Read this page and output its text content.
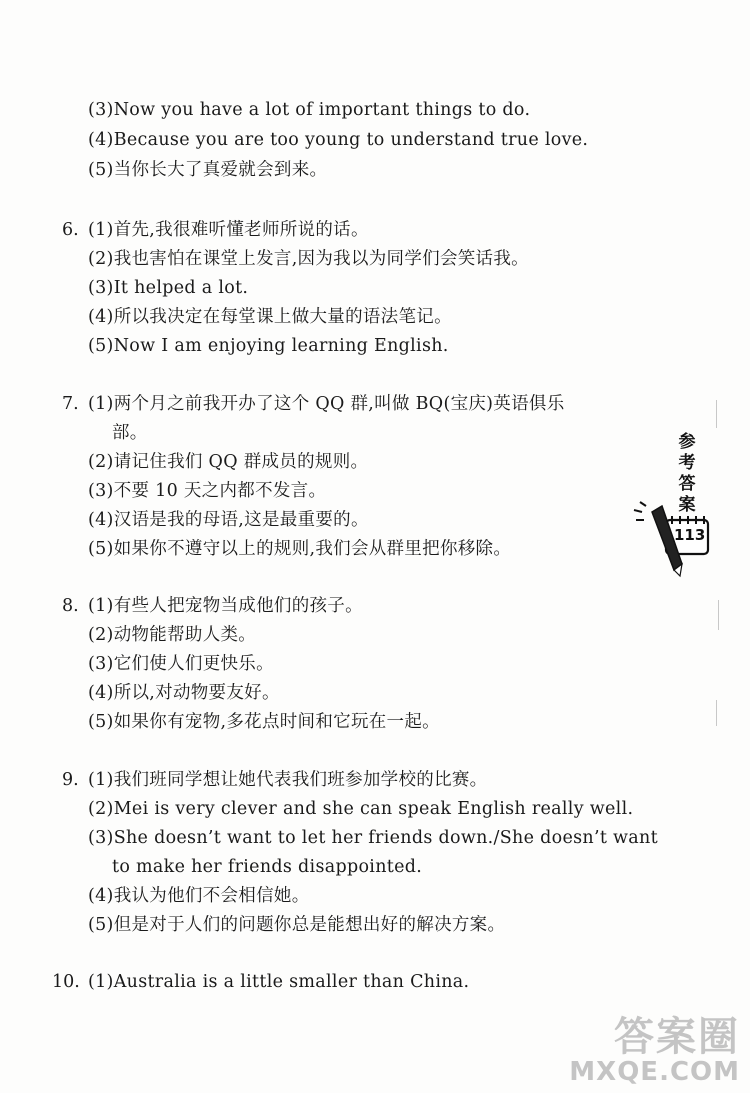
(3)Now you have a lot of important things to do.
(4)Because you are too young to understand true love.
(5)当你长大了真爱就会到来。
6. (1)首先,我很难听懂老师所说的话。
(2)我也害怕在课堂上发言,因为我以为同学们会笑话我。
(3)It helped a lot.
(4)所以我决定在每堂课上做大量的语法笔记。
(5)Now I am enjoying learning English.
7. (1)两个月之前我开办了这个 QQ 群,叫做 BQ(宝庆)英语俱乐
部。
(2)请记住我们 QQ 群成员的规则。
(3)不要 10 天之内都不发言。
(4)汉语是我的母语,这是最重要的。
(5)如果你不遵守以上的规则,我们会从群里把你移除。
8. (1)有些人把宠物当成他们的孩子。
(2)动物能帮助人类。
(3)它们使人们更快乐。
(4)所以,对动物要友好。
(5)如果你有宠物,多花点时间和它玩在一起。
9. (1)我们班同学想让她代表我们班参加学校的比赛。
(2)Mei is very clever and she can speak English really well.
(3)She doesn’t want to let her friends down./She doesn’t want
to make her friends disappointed.
(4)我认为他们不会相信她。
(5)但是对于人们的问题你总是能想出好的解决方案。
10. (1)Australia is a little smaller than China.
参
考
答
案
113
答案圈
MXQE.COM
